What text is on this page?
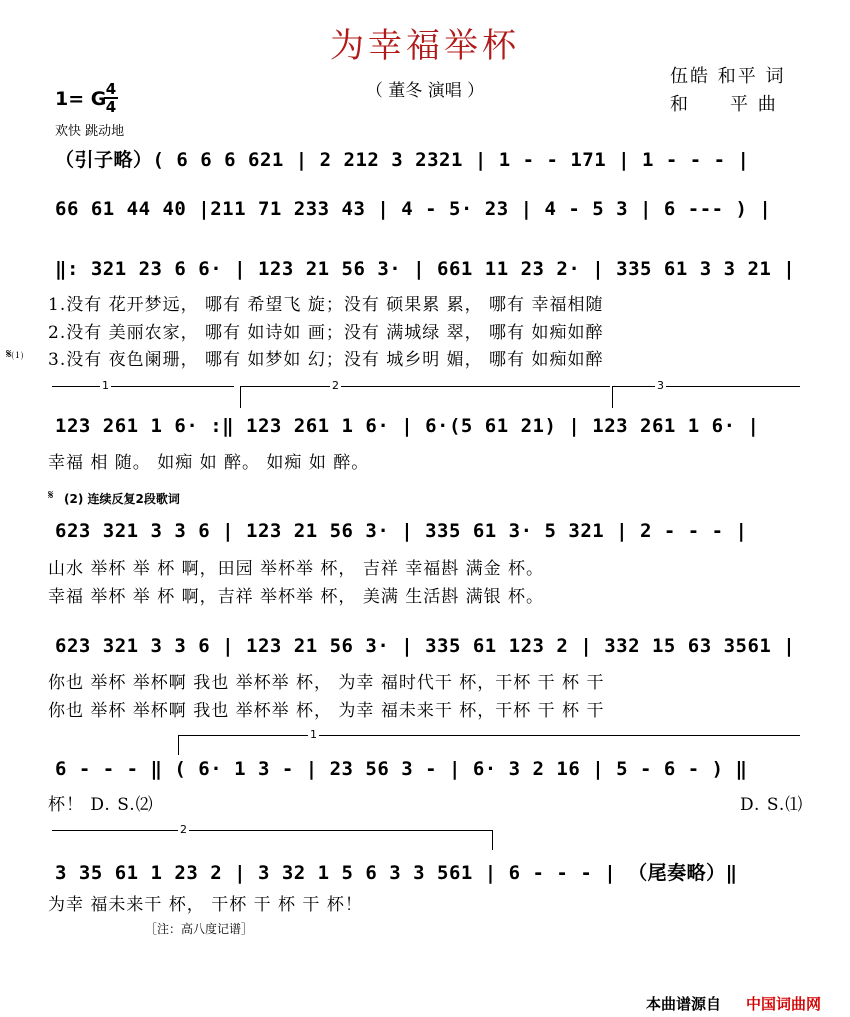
为幸福举杯
（ 董冬 演唱 ）
伍皓 和平 词
和　　平 曲
1= G 4
4
欢快 跳动地
（引子略）( 6 6 6 621 | 2 212 3 2321 | 1 - - 171 | 1 - - - |
66 61 44 40 |211 71 233 43 | 4 - 5· 23 | 4 - 5 3 | 6 --- ) |
‖: 321 23 6 6· | 123 21 56 3· | 661 11 23 2· | 335 61 3 3 21 |
1.没有 花开梦远， 哪有 希望飞 旋；没有 硕果累 累， 哪有 幸福相随
2.没有 美丽农家， 哪有 如诗如 画；没有 满城绿 翠， 哪有 如痴如醉
𝄋⑴ 3.没有 夜色阑珊， 哪有 如梦如 幻；没有 城乡明 媚， 哪有 如痴如醉
1	2	3
123 261 1 6· :‖ 123 261 1 6· | 6·(5 61 21) | 123 261 1 6· |
幸福 相 随。 如痴 如 醉。 如痴 如 醉。
𝄋 (2) 连续反复2段歌词
623 321 3 3 6 | 123 21 56 3· | 335 61 3· 5 321 | 2 - - - |
山水 举杯 举 杯 啊，田园 举杯举 杯， 吉祥 幸福斟 满金 杯。
幸福 举杯 举 杯 啊，吉祥 举杯举 杯， 美满 生活斟 满银 杯。
623 321 3 3 6 | 123 21 56 3· | 335 61 123 2 | 332 15 63 3561 |
你也 举杯 举杯啊 我也 举杯举 杯， 为幸 福时代干 杯，干杯 干 杯 干
你也 举杯 举杯啊 我也 举杯举 杯， 为幸 福未来干 杯，干杯 干 杯 干
1
6 - - - ‖ ( 6· 1 3 - | 23 56 3 - | 6· 3 2 16 | 5 - 6 - ) ‖
杯！ D. S.⑵	D. S.⑴
2
3 35 61 1 23 2 | 3 32 1 5 6 3 3 561 | 6 - - - | （尾奏略）‖
为幸 福未来干 杯， 干杯 干 杯 干 杯！
［注：高八度记谱］
本曲谱源自 中国词曲网
